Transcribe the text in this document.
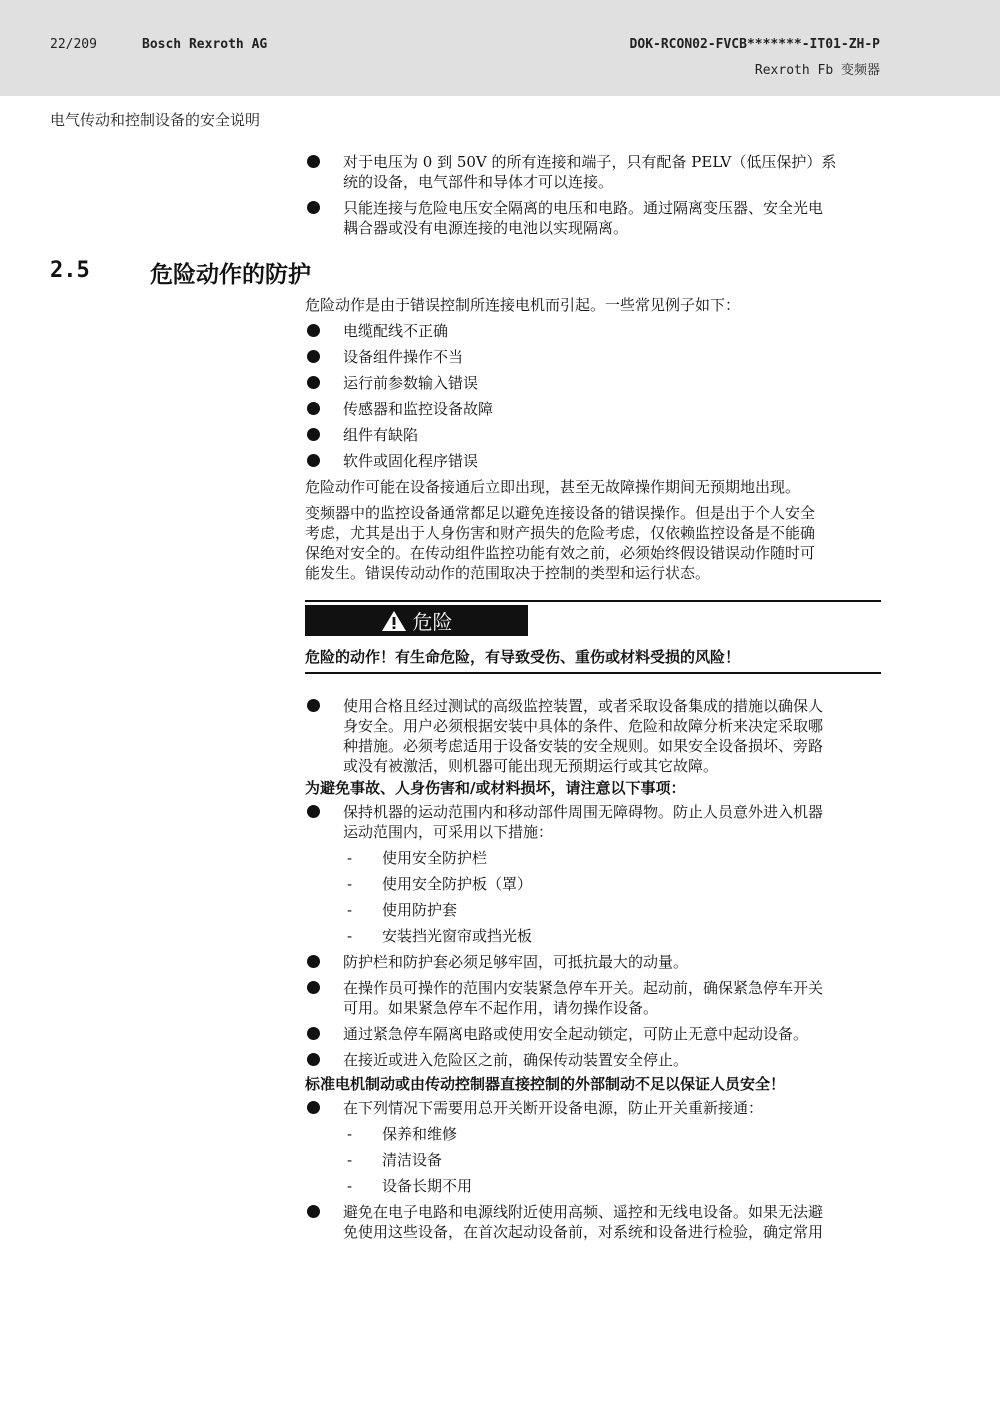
22/209	Bosch Rexroth AG	DOK-RCON02-FVCB*******-IT01-ZH-P
Rexroth Fb 变频器
电气传动和控制设备的安全说明
对于电压为 0 到 50V 的所有连接和端子，只有配备 PELV（低压保护）系
统的设备，电气部件和导体才可以连接。
只能连接与危险电压安全隔离的电压和电路。通过隔离变压器、安全光电
耦合器或没有电源连接的电池以实现隔离。
2.5	危险动作的防护
危险动作是由于错误控制所连接电机而引起。一些常见例子如下：
电缆配线不正确
设备组件操作不当
运行前参数输入错误
传感器和监控设备故障
组件有缺陷
软件或固化程序错误
危险动作可能在设备接通后立即出现，甚至无故障操作期间无预期地出现。
变频器中的监控设备通常都足以避免连接设备的错误操作。但是出于个人安全
考虑，尤其是出于人身伤害和财产损失的危险考虑，仅依赖监控设备是不能确
保绝对安全的。在传动组件监控功能有效之前，必须始终假设错误动作随时可
能发生。错误传动动作的范围取决于控制的类型和运行状态。
危险
危险的动作！有生命危险，有导致受伤、重伤或材料受损的风险！
使用合格且经过测试的高级监控装置，或者采取设备集成的措施以确保人
身安全。用户必须根据安装中具体的条件、危险和故障分析来决定采取哪
种措施。必须考虑适用于设备安装的安全规则。如果安全设备损坏、旁路
或没有被激活，则机器可能出现无预期运行或其它故障。
为避免事故、人身伤害和/或材料损坏，请注意以下事项：
保持机器的运动范围内和移动部件周围无障碍物。防止人员意外进入机器
运动范围内，可采用以下措施：
- 使用安全防护栏
- 使用安全防护板（罩）
- 使用防护套
- 安装挡光窗帘或挡光板
防护栏和防护套必须足够牢固，可抵抗最大的动量。
在操作员可操作的范围内安装紧急停车开关。起动前，确保紧急停车开关
可用。如果紧急停车不起作用，请勿操作设备。
通过紧急停车隔离电路或使用安全起动锁定，可防止无意中起动设备。
在接近或进入危险区之前，确保传动装置安全停止。
标准电机制动或由传动控制器直接控制的外部制动不足以保证人员安全！
在下列情况下需要用总开关断开设备电源，防止开关重新接通：
- 保养和维修
- 清洁设备
- 设备长期不用
避免在电子电路和电源线附近使用高频、遥控和无线电设备。如果无法避
免使用这些设备，在首次起动设备前，对系统和设备进行检验，确定常用
